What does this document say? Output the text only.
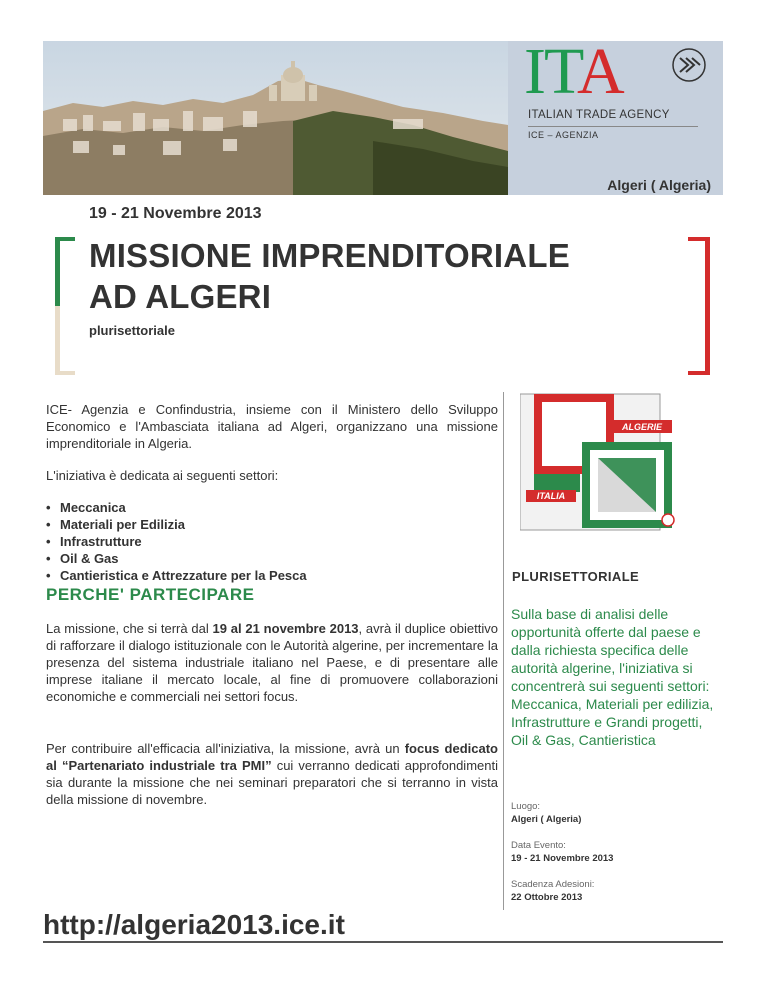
ITA
ITALIAN TRADE AGENCY
ICE – AGENZIA
Algeri ( Algeria)
19 - 21 Novembre 2013
MISSIONE IMPRENDITORIALE
AD ALGERI
plurisettoriale
ICE- Agenzia e Confindustria, insieme con il Ministero dello Sviluppo Economico e l'Ambasciata italiana ad Algeri, organizzano una missione imprenditoriale in Algeria.
L'iniziativa è dedicata ai seguenti settori:
• Meccanica
• Materiali per Edilizia
• Infrastrutture
• Oil & Gas
• Cantieristica e Attrezzature per la Pesca
PERCHE' PARTECIPARE
La missione, che si terrà dal 19 al 21 novembre 2013, avrà il duplice obiettivo di rafforzare il dialogo istituzionale con le Autorità algerine, per incrementare la presenza del sistema industriale italiano nel Paese, e di presentare alle imprese italiane il mercato locale, al fine di promuovere collaborazioni economiche e commerciali nei settori focus.
Per contribuire all'efficacia all'iniziativa, la missione, avrà un focus dedicato al “Partenariato industriale tra PMI” cui verranno dedicati approfondimenti sia durante la missione che nei seminari preparatori che si terranno in vista della missione di novembre.
ALGERIE
ITALIA
PLURISETTORIALE
Sulla base di analisi delle opportunità offerte dal paese e dalla richiesta specifica delle autorità algerine, l'iniziativa si concentrerà sui seguenti settori: Meccanica, Materiali per edilizia, Infrastrutture e Grandi progetti, Oil & Gas, Cantieristica
Luogo:
Algeri ( Algeria)
Data Evento:
19 - 21 Novembre 2013
Scadenza Adesioni:
22 Ottobre 2013
http://algeria2013.ice.it
